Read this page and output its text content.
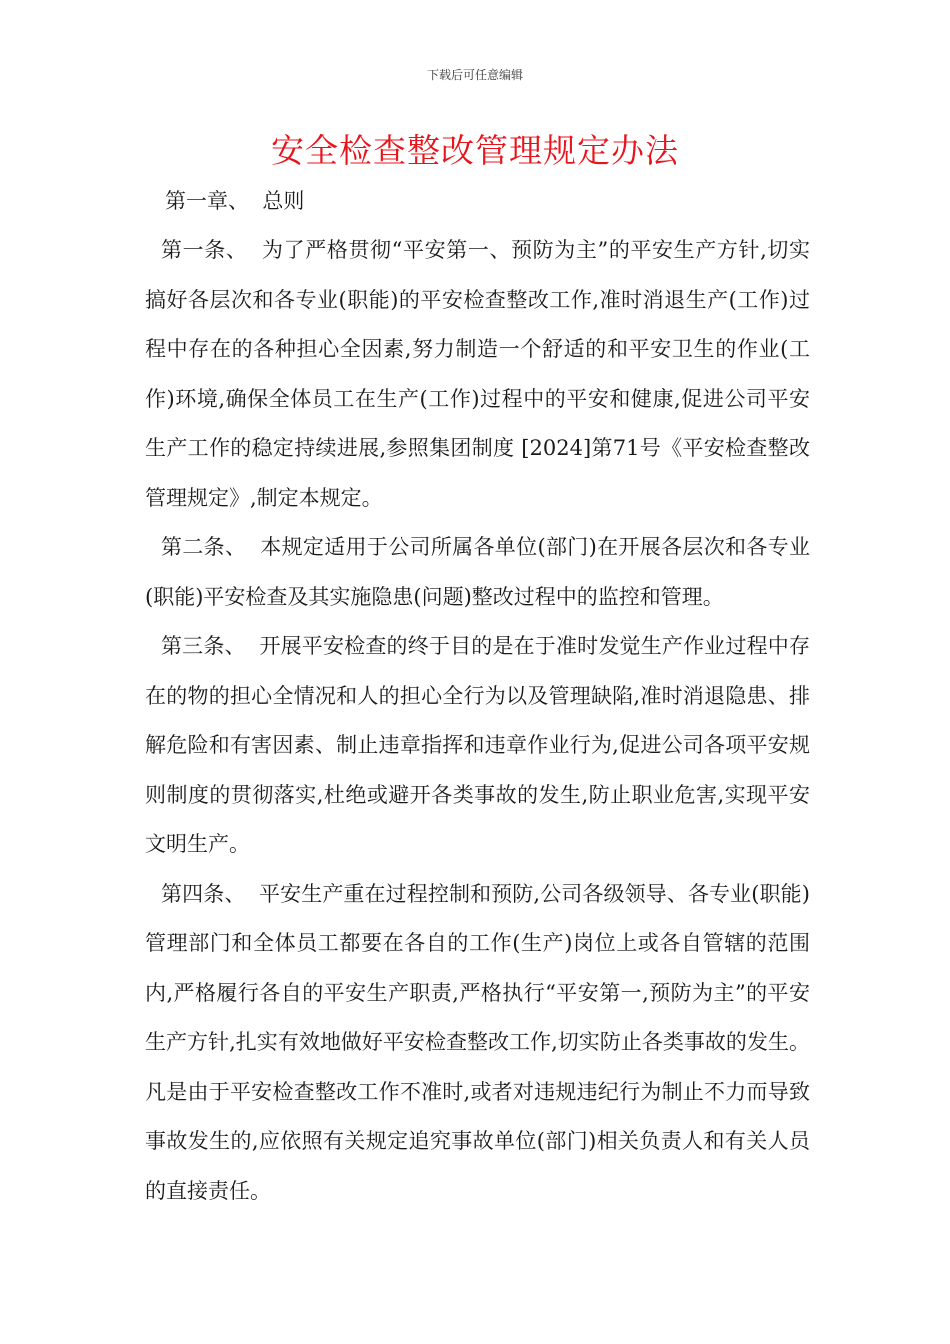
下载后可任意编辑
安全检查整改管理规定办法
第一章、  总则

第一条、  为了严格贯彻“平安第一、预防为主”的平安生产方针,切实搞好各层次和各专业(职能)的平安检查整改工作,准时消退生产(工作)过程中存在的各种担心全因素,努力制造一个舒适的和平安卫生的作业(工作)环境,确保全体员工在生产(工作)过程中的平安和健康,促进公司平安生产工作的稳定持续进展,参照集团制度 [2024]第71号《平安检查整改管理规定》,制定本规定。

第二条、  本规定适用于公司所属各单位(部门)在开展各层次和各专业(职能)平安检查及其实施隐患(问题)整改过程中的监控和管理。

第三条、  开展平安检查的终于目的是在于准时发觉生产作业过程中存在的物的担心全情况和人的担心全行为以及管理缺陷,准时消退隐患、排解危险和有害因素、制止违章指挥和违章作业行为,促进公司各项平安规则制度的贯彻落实,杜绝或避开各类事故的发生,防止职业危害,实现平安文明生产。

第四条、  平安生产重在过程控制和预防,公司各级领导、各专业(职能)管理部门和全体员工都要在各自的工作(生产)岗位上或各自管辖的范围内,严格履行各自的平安生产职责,严格执行“平安第一,预防为主”的平安生产方针,扎实有效地做好平安检查整改工作,切实防止各类事故的发生。凡是由于平安检查整改工作不准时,或者对违规违纪行为制止不力而导致事故发生的,应依照有关规定追究事故单位(部门)相关负责人和有关人员的直接责任。
